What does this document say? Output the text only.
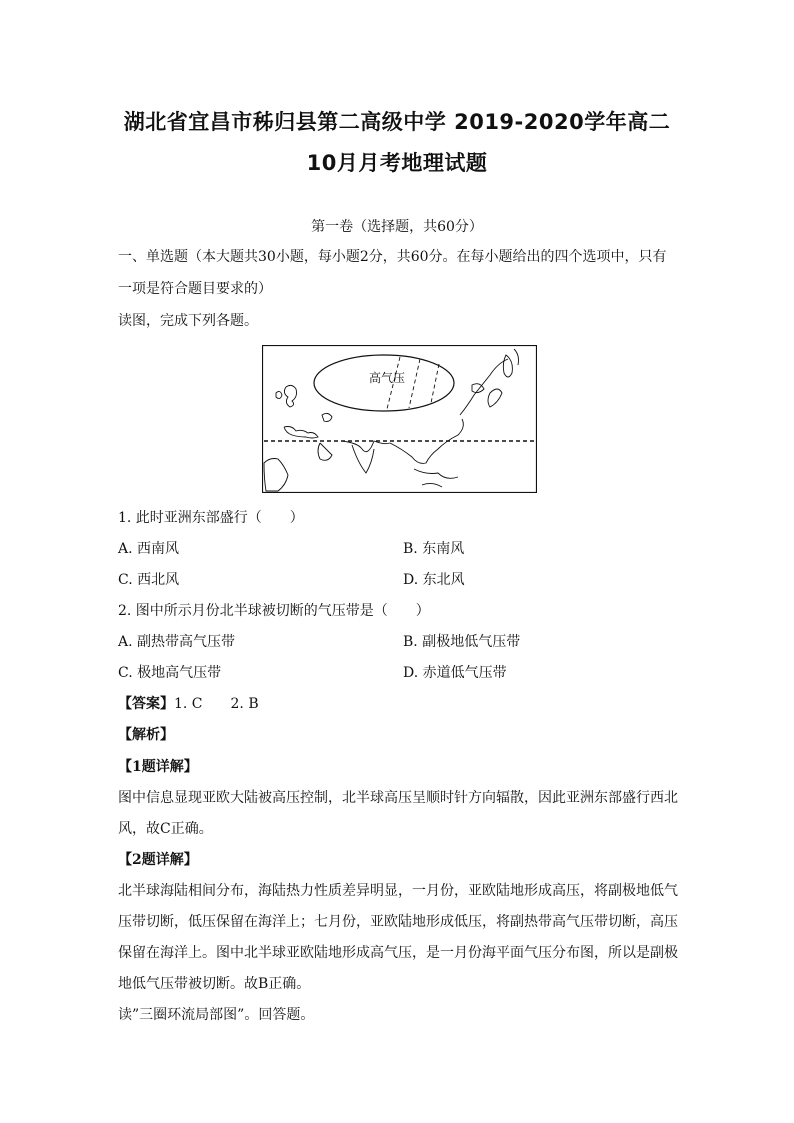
湖北省宜昌市秭归县第二高级中学 2019-2020学年高二
10月月考地理试题
第一卷（选择题，共60分）
一、单选题（本大题共30小题，每小题2分，共60分。在每小题给出的四个选项中，只有
一项是符合题目要求的）
读图，完成下列各题。
高气压
1. 此时亚洲东部盛行（　　）
A. 西南风	B. 东南风
C. 西北风	D. 东北风
2. 图中所示月份北半球被切断的气压带是（　　）
A. 副热带高气压带	B. 副极地低气压带
C. 极地高气压带	D. 赤道低气压带
【答案】1. C　　2. B
【解析】
【1题详解】
图中信息显现亚欧大陆被高压控制，北半球高压呈顺时针方向辐散，因此亚洲东部盛行西北
风，故C正确。
【2题详解】
北半球海陆相间分布，海陆热力性质差异明显，一月份，亚欧陆地形成高压，将副极地低气
压带切断，低压保留在海洋上；七月份，亚欧陆地形成低压，将副热带高气压带切断，高压
保留在海洋上。图中北半球亚欧陆地形成高气压，是一月份海平面气压分布图，所以是副极
地低气压带被切断。故B正确。
读”三圈环流局部图”。回答题。
